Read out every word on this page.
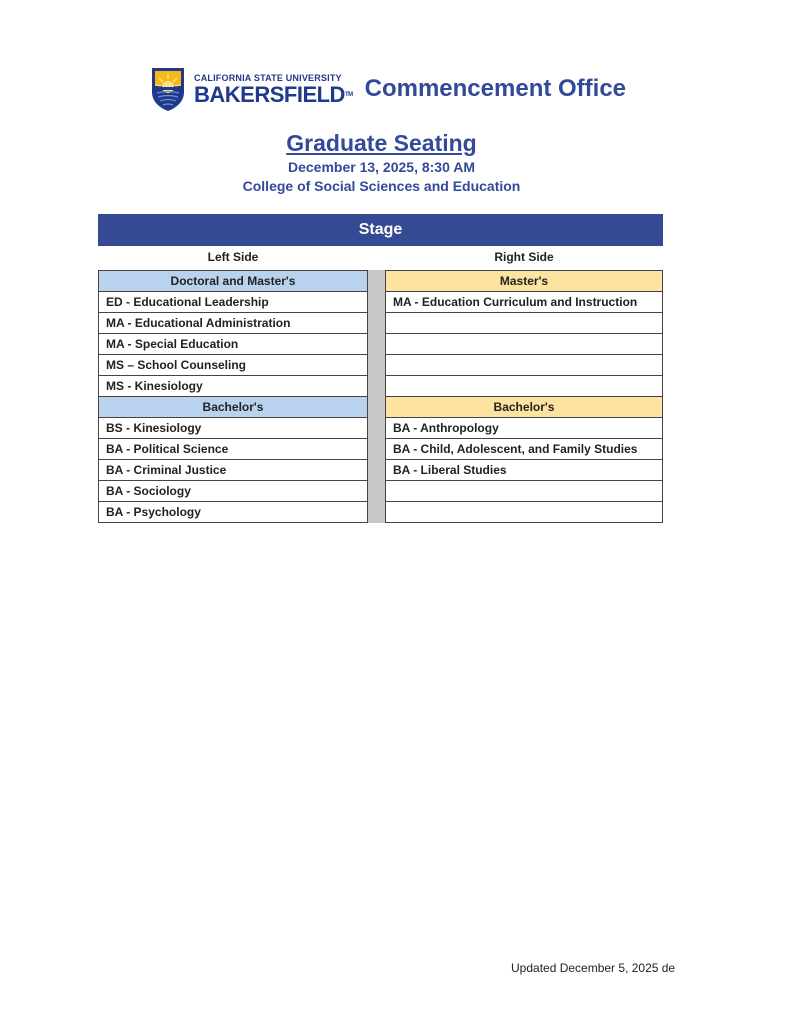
CALIFORNIA STATE UNIVERSITY
BAKERSFIELDTM Commencement Office
Graduate Seating
December 13, 2025, 8:30 AM
College of Social Sciences and Education
Stage
Left Side	Right Side
Doctoral and Master's
ED - Educational Leadership
MA - Educational Administration
MA - Special Education
MS – School Counseling
MS - Kinesiology
Bachelor's
BS - Kinesiology
BA - Political Science
BA - Criminal Justice
BA - Sociology
BA - Psychology
Master's
MA - Education Curriculum and Instruction
Bachelor's
BA - Anthropology
BA - Child, Adolescent, and Family Studies
BA - Liberal Studies
Updated December 5, 2025 de
